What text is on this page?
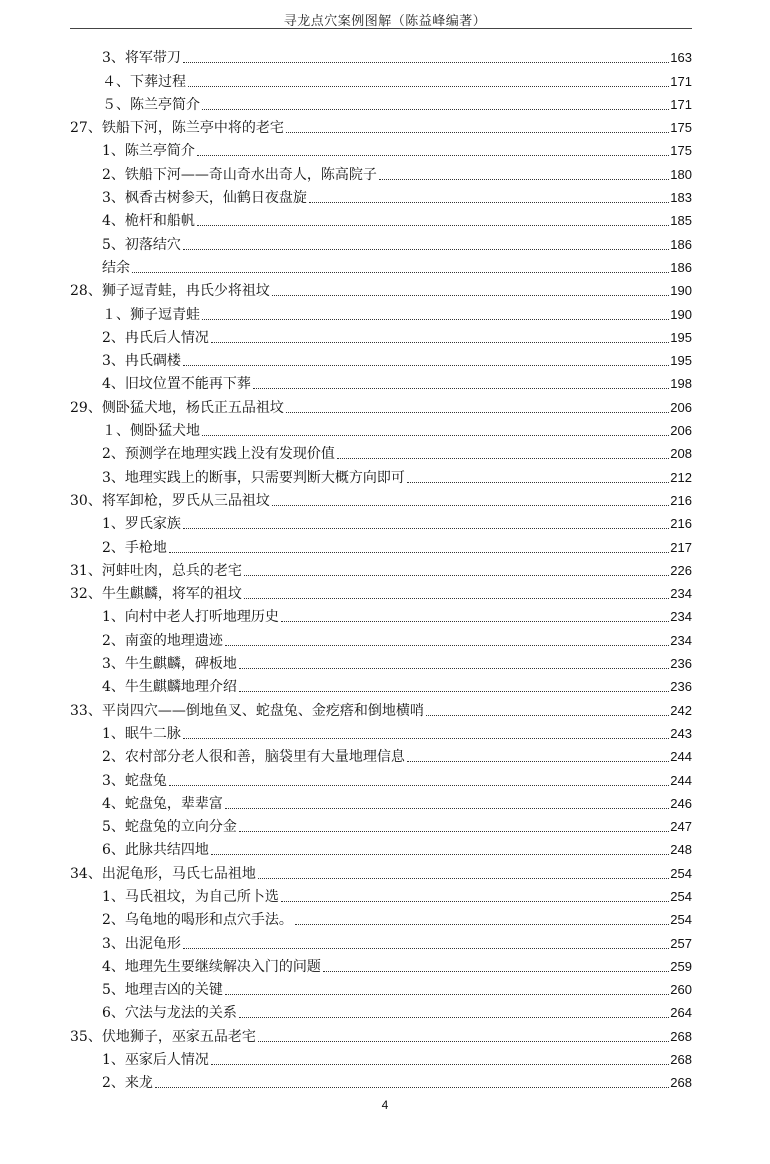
寻龙点穴案例图解（陈益峰编著）
3、将军带刀	163
４、下葬过程	171
５、陈兰亭简介	171
27、铁船下河，陈兰亭中将的老宅	175
1、陈兰亭简介	175
2、铁船下河——奇山奇水出奇人，陈高院子	180
3、枫香古树参天，仙鹤日夜盘旋	183
4、桅杆和船帆	185
5、初落结穴	186
结余	186
28、狮子逗青蛙，冉氏少将祖坟	190
１、狮子逗青蛙	190
2、冉氏后人情况	195
3、冉氏碉楼	195
4、旧坟位置不能再下葬	198
29、侧卧猛犬地，杨氏正五品祖坟	206
１、侧卧猛犬地	206
2、预测学在地理实践上没有发现价值	208
3、地理实践上的断事，只需要判断大概方向即可	212
30、将军卸枪，罗氏从三品祖坟	216
1、罗氏家族	216
2、手枪地	217
31、河蚌吐肉，总兵的老宅	226
32、牛生麒麟，将军的祖坟	234
1、向村中老人打听地理历史	234
2、南蛮的地理遗迹	234
3、牛生麒麟，碑板地	236
4、牛生麒麟地理介绍	236
33、平岗四穴——倒地鱼叉、蛇盘兔、金疙瘩和倒地横哨	242
1、眠牛二脉	243
2、农村部分老人很和善，脑袋里有大量地理信息	244
3、蛇盘兔	244
4、蛇盘兔，辈辈富	246
5、蛇盘兔的立向分金	247
6、此脉共结四地	248
34、出泥龟形，马氏七品祖地	254
1、马氏祖坟，为自己所卜选	254
2、乌龟地的喝形和点穴手法。	254
3、出泥龟形	257
4、地理先生要继续解决入门的问题	259
5、地理吉凶的关键	260
6、穴法与龙法的关系	264
35、伏地狮子，巫家五品老宅	268
1、巫家后人情况	268
2、来龙	268
4
